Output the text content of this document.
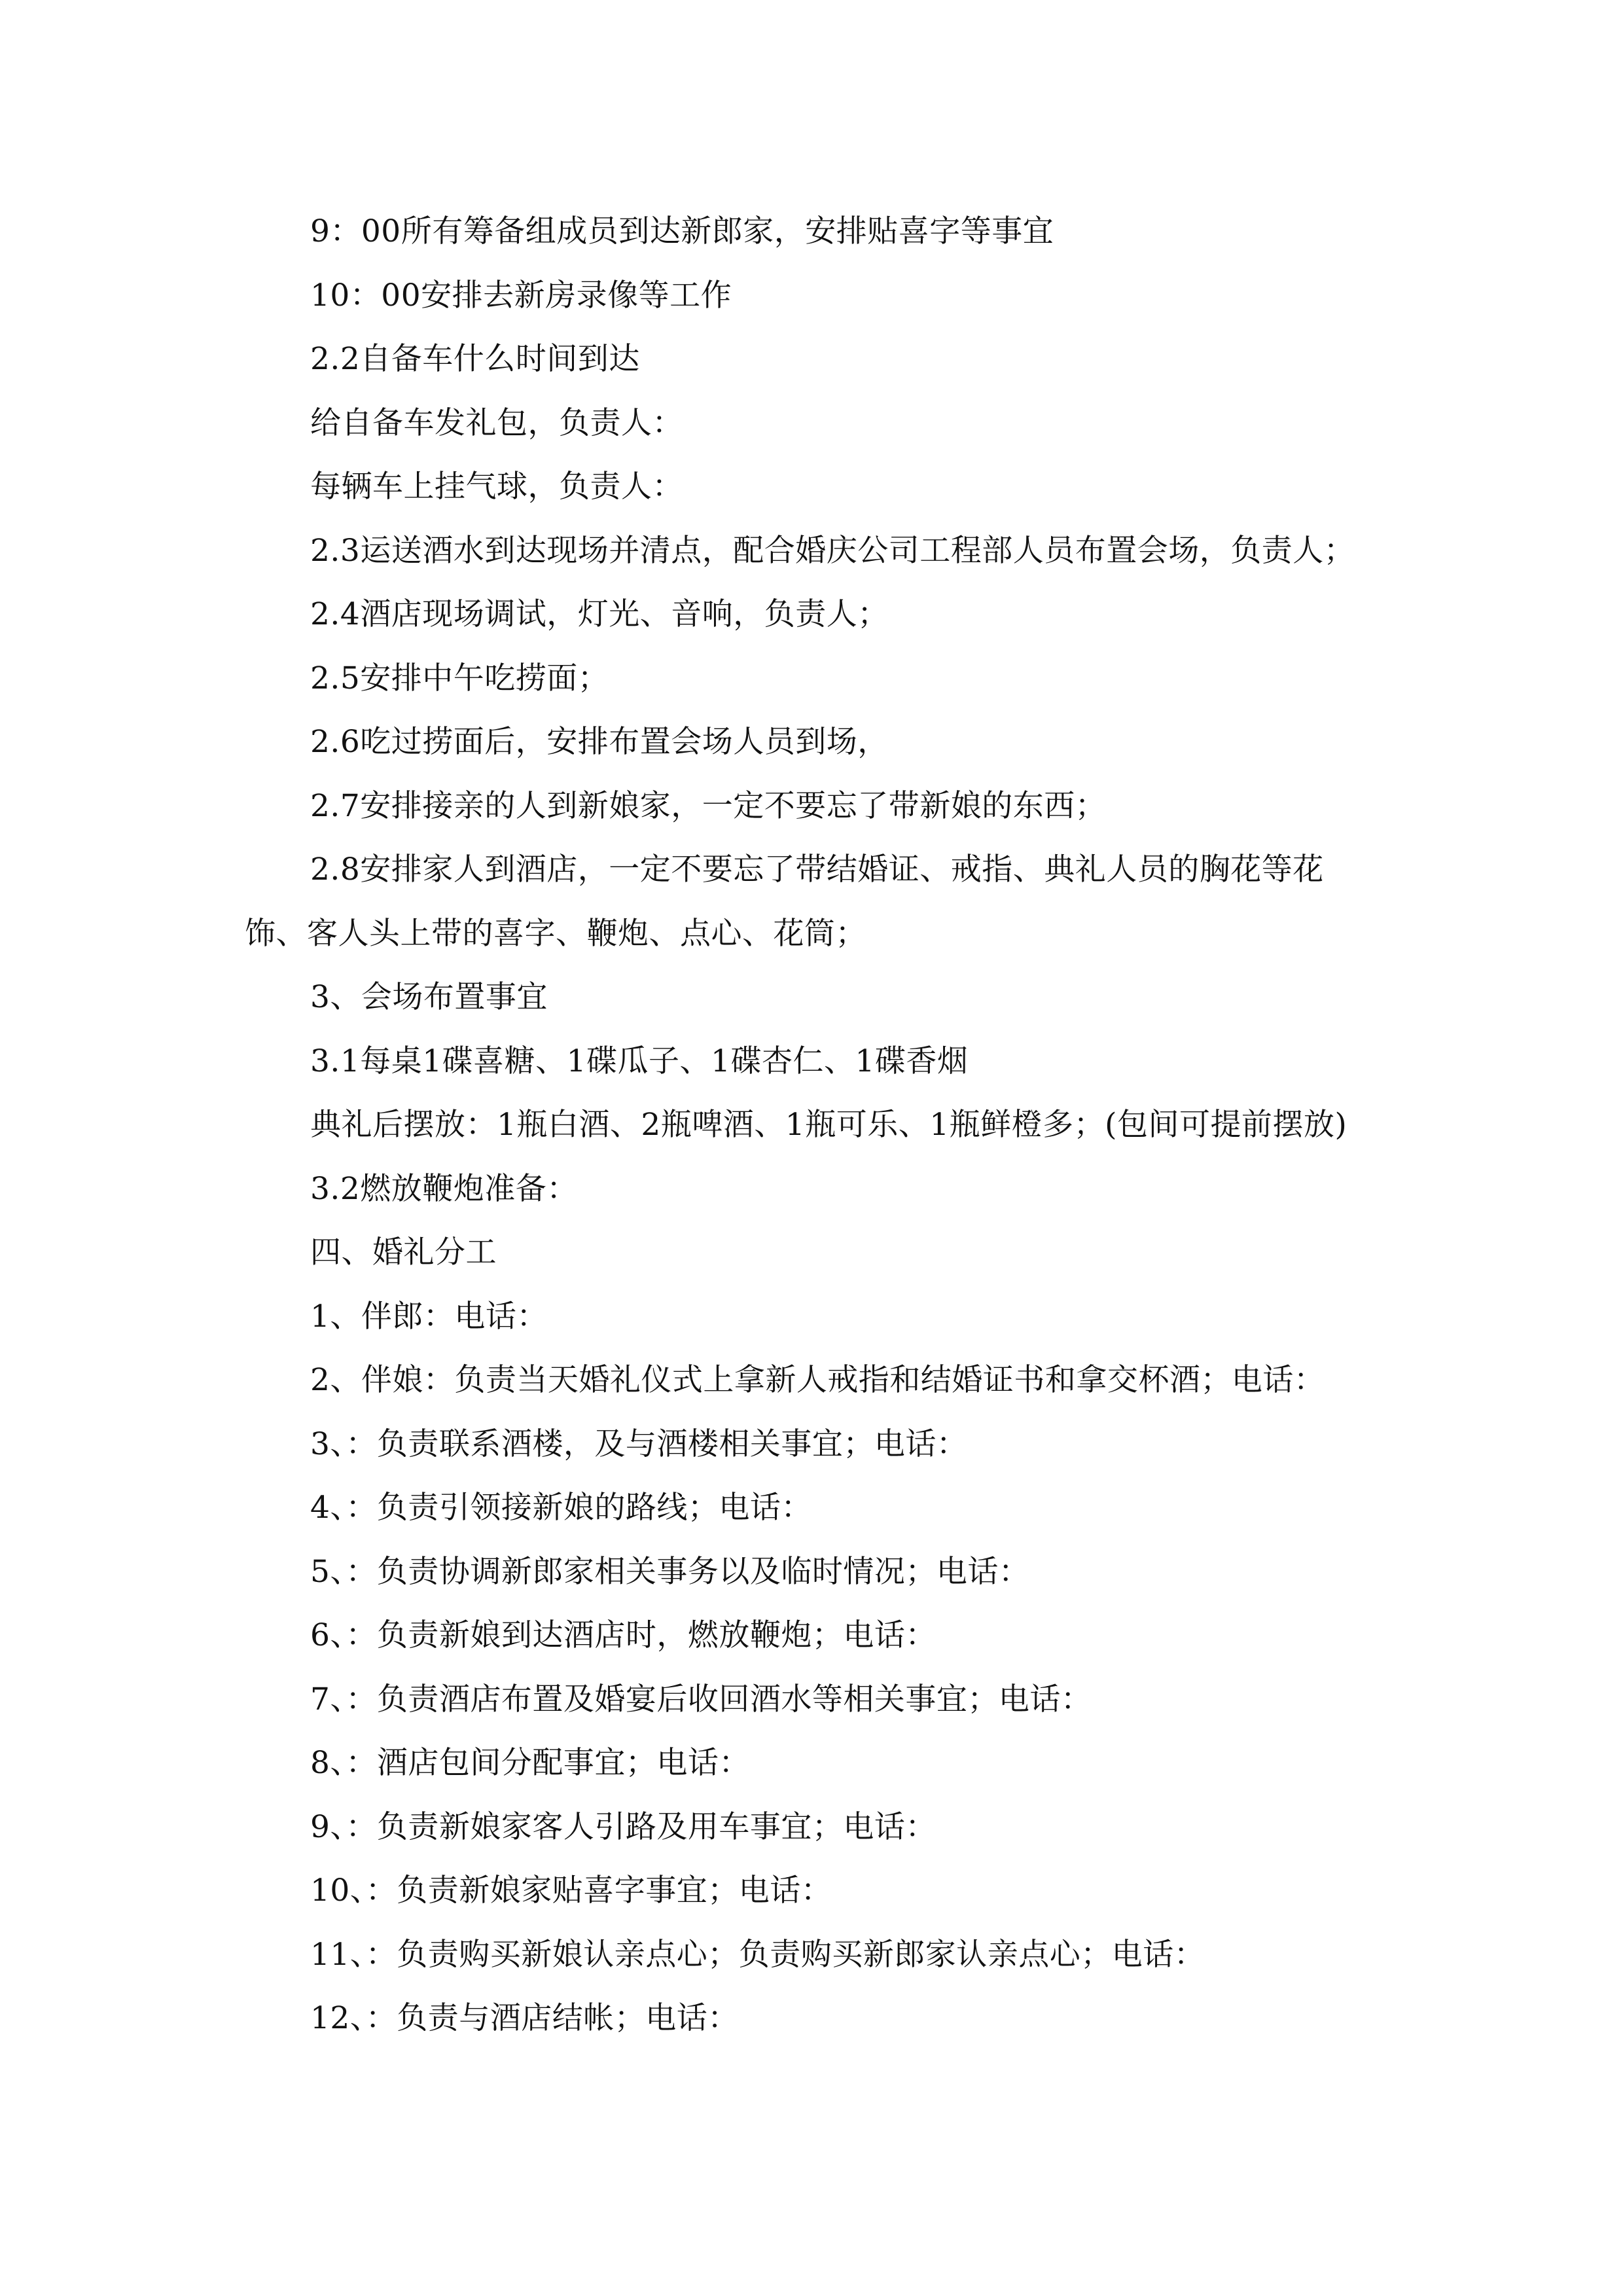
9：00所有筹备组成员到达新郎家，安排贴喜字等事宜
10：00安排去新房录像等工作
2.2自备车什么时间到达
给自备车发礼包，负责人：
每辆车上挂气球，负责人：
2.3运送酒水到达现场并清点，配合婚庆公司工程部人员布置会场，负责人；
2.4酒店现场调试，灯光、音响，负责人；
2.5安排中午吃捞面；
2.6吃过捞面后，安排布置会场人员到场，
2.7安排接亲的人到新娘家，一定不要忘了带新娘的东西；
2.8安排家人到酒店，一定不要忘了带结婚证、戒指、典礼人员的胸花等花
饰、客人头上带的喜字、鞭炮、点心、花筒；
3、会场布置事宜
3.1每桌1碟喜糖、1碟瓜子、1碟杏仁、1碟香烟
典礼后摆放：1瓶白酒、2瓶啤酒、1瓶可乐、1瓶鲜橙多；(包间可提前摆放)
3.2燃放鞭炮准备：
四、婚礼分工
1、伴郎：电话：
2、伴娘：负责当天婚礼仪式上拿新人戒指和结婚证书和拿交杯酒；电话：
3、：负责联系酒楼，及与酒楼相关事宜；电话：
4、：负责引领接新娘的路线；电话：
5、：负责协调新郎家相关事务以及临时情况；电话：
6、：负责新娘到达酒店时，燃放鞭炮；电话：
7、：负责酒店布置及婚宴后收回酒水等相关事宜；电话：
8、：酒店包间分配事宜；电话：
9、：负责新娘家客人引路及用车事宜；电话：
10、：负责新娘家贴喜字事宜；电话：
11、：负责购买新娘认亲点心；负责购买新郎家认亲点心；电话：
12、：负责与酒店结帐；电话：
